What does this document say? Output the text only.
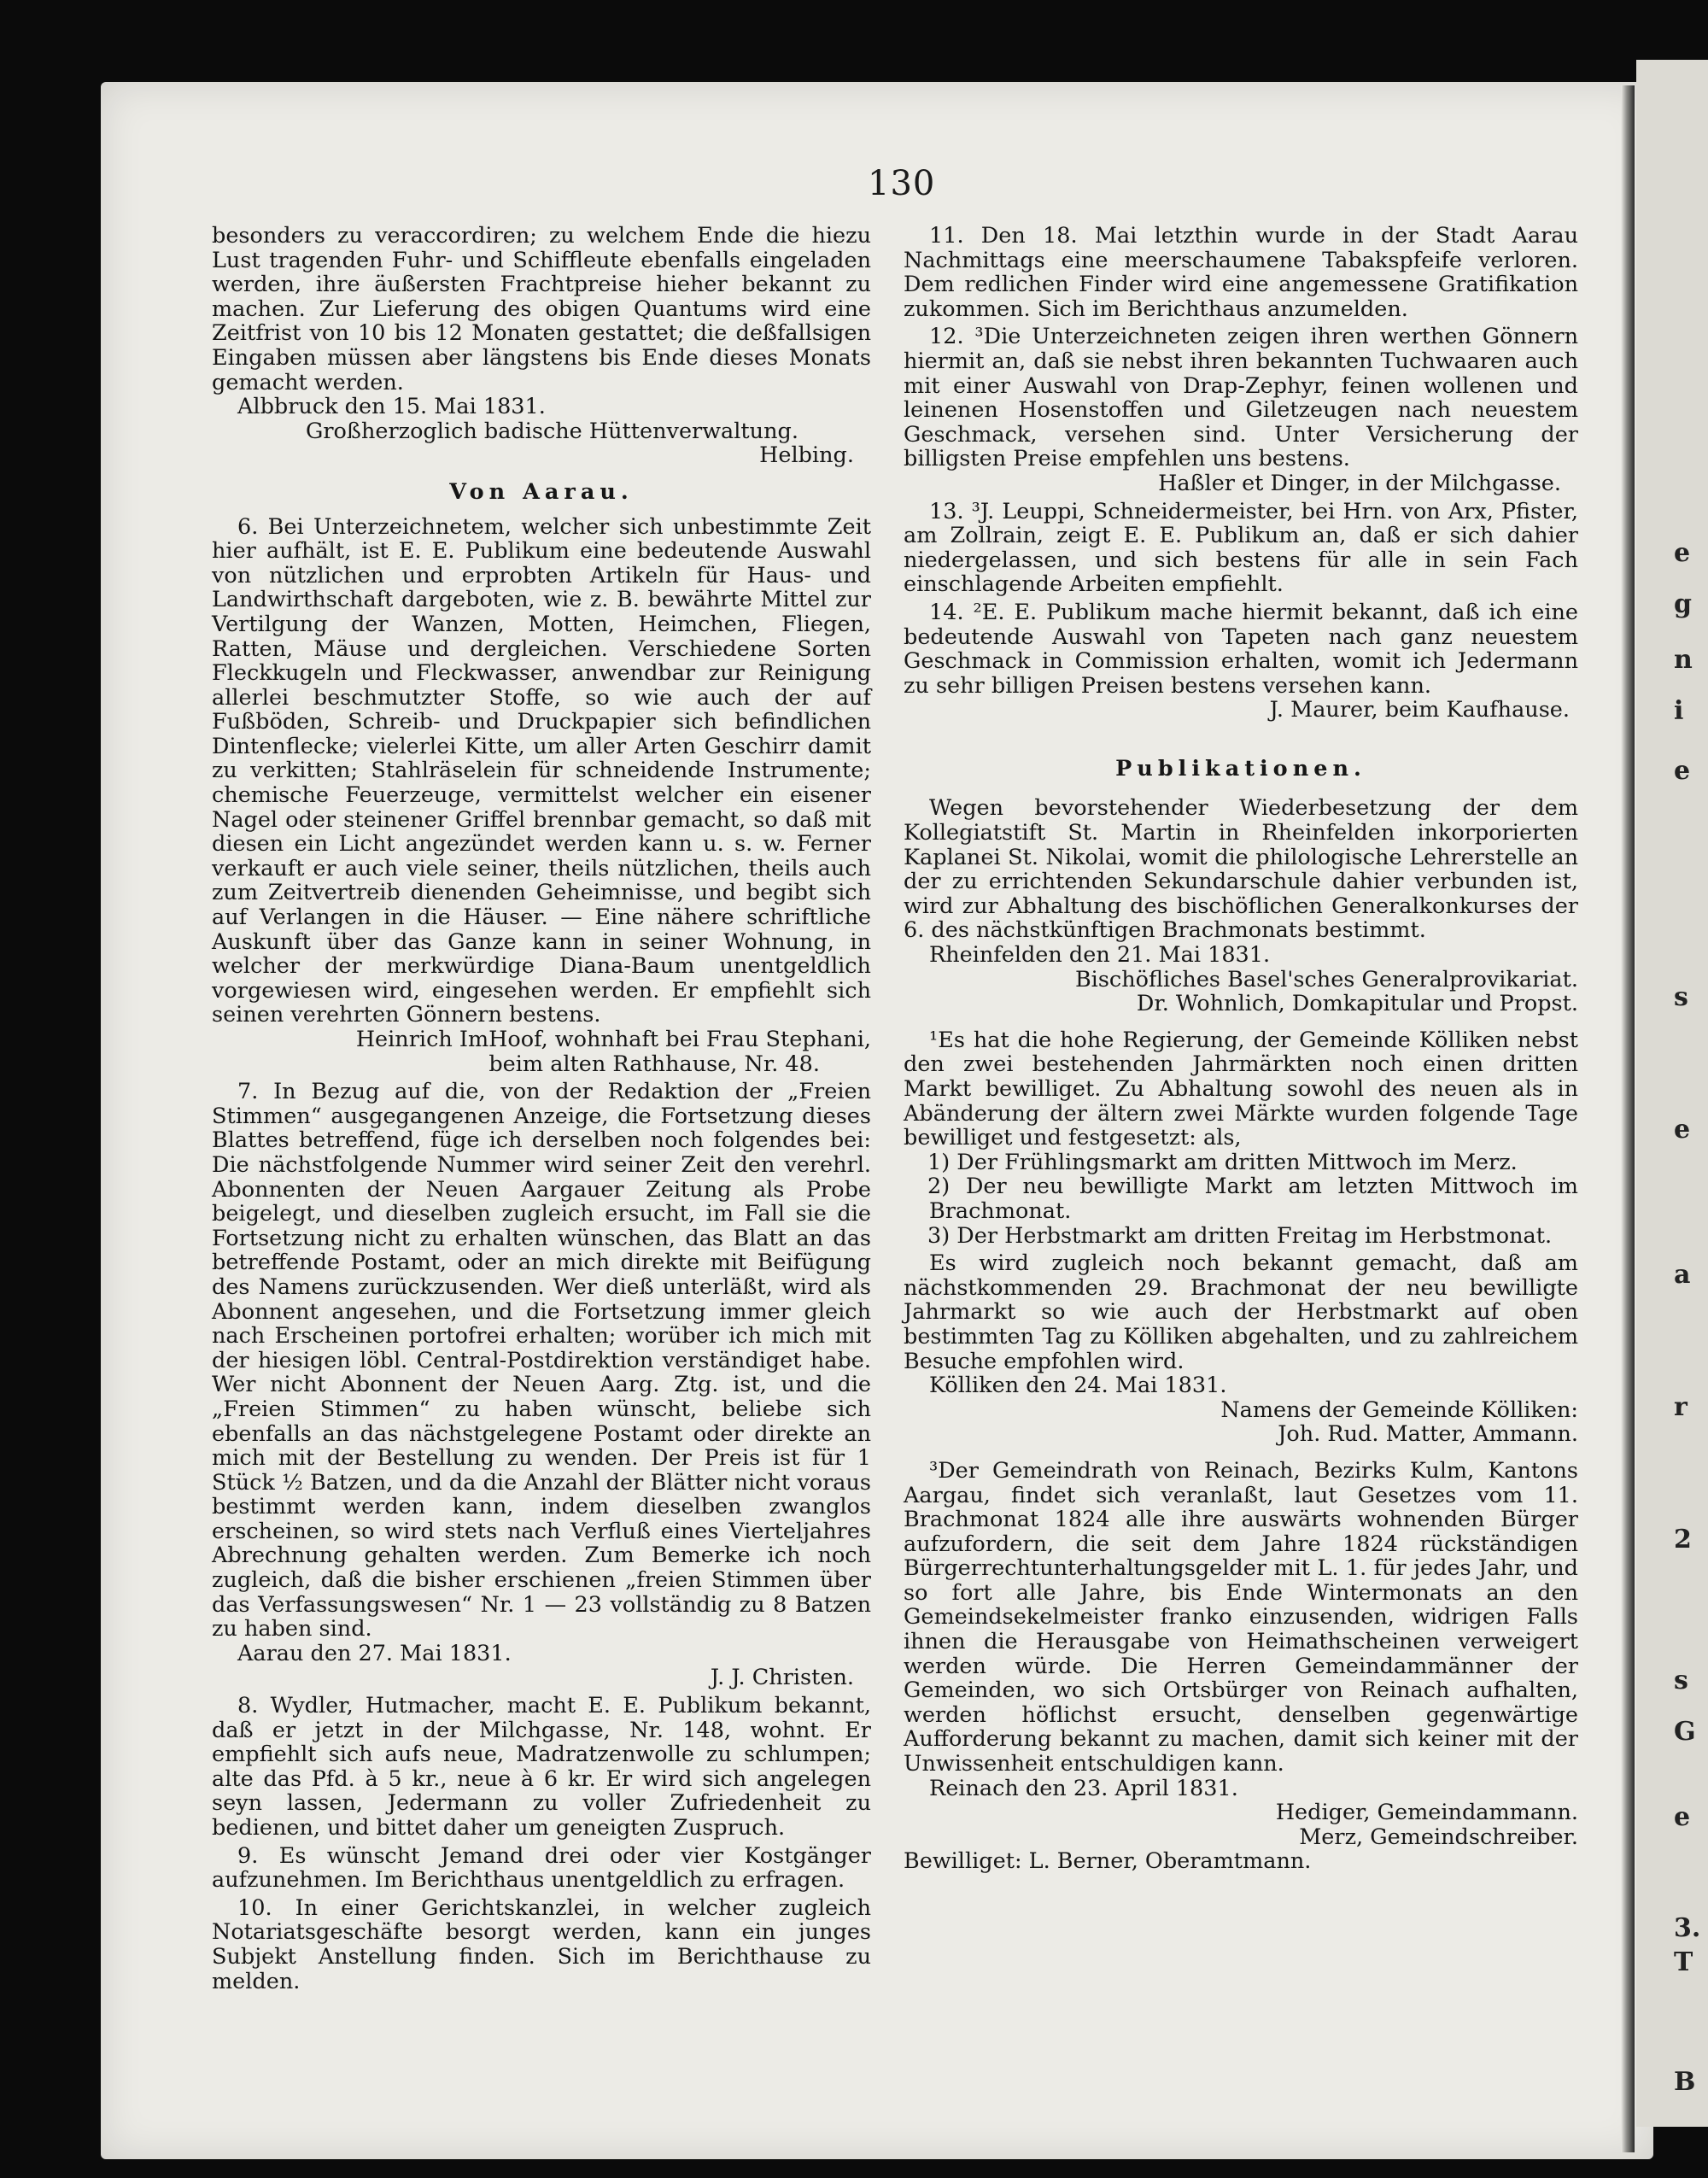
e
g
n
i
e
s
e
a
r
2
s
G
e
3.
T
B
130

besonders zu veraccordiren; zu welchem Ende die hiezu Lust tragenden Fuhr- und Schiffleute ebenfalls eingeladen werden, ihre äußersten Frachtpreise hieher bekannt zu machen. Zur Lieferung des obigen Quantums wird eine Zeitfrist von 10 bis 12 Monaten gestattet; die deßfallsigen Eingaben müssen aber längstens bis Ende dieses Monats gemacht werden.

Albbruck den 15. Mai 1831.

Großherzoglich badische Hüttenverwaltung.

Helbing.

Von Aarau.

6. Bei Unterzeichnetem, welcher sich unbestimmte Zeit hier aufhält, ist E. E. Publikum eine bedeutende Auswahl von nützlichen und erprobten Artikeln für Haus- und Landwirthschaft dargeboten, wie z. B. bewährte Mittel zur Vertilgung der Wanzen, Motten, Heimchen, Fliegen, Ratten, Mäuse und dergleichen. Verschiedene Sorten Fleckkugeln und Fleckwasser, anwendbar zur Reinigung allerlei beschmutzter Stoffe, so wie auch der auf Fußböden, Schreib- und Druckpapier sich befindlichen Dintenflecke; vielerlei Kitte, um aller Arten Geschirr damit zu verkitten; Stahlräselein für schneidende Instrumente; chemische Feuerzeuge, vermittelst welcher ein eisener Nagel oder steinener Griffel brennbar gemacht, so daß mit diesen ein Licht angezündet werden kann u. s. w. Ferner verkauft er auch viele seiner, theils nützlichen, theils auch zum Zeitvertreib dienenden Geheimnisse, und begibt sich auf Verlangen in die Häuser. — Eine nähere schriftliche Auskunft über das Ganze kann in seiner Wohnung, in welcher der merkwürdige Diana-Baum unentgeldlich vorgewiesen wird, eingesehen werden. Er empfiehlt sich seinen verehrten Gönnern bestens.

Heinrich ImHoof, wohnhaft bei Frau Stephani,

beim alten Rathhause, Nr. 48.

7. In Bezug auf die, von der Redaktion der „Freien Stimmen“ ausgegangenen Anzeige, die Fortsetzung dieses Blattes betreffend, füge ich derselben noch folgendes bei: Die nächstfolgende Nummer wird seiner Zeit den verehrl. Abonnenten der Neuen Aargauer Zeitung als Probe beigelegt, und dieselben zugleich ersucht, im Fall sie die Fortsetzung nicht zu erhalten wünschen, das Blatt an das betreffende Postamt, oder an mich direkte mit Beifügung des Namens zurückzusenden. Wer dieß unterläßt, wird als Abonnent angesehen, und die Fortsetzung immer gleich nach Erscheinen portofrei erhalten; worüber ich mich mit der hiesigen löbl. Central-Postdirektion verständiget habe. Wer nicht Abonnent der Neuen Aarg. Ztg. ist, und die „Freien Stimmen“ zu haben wünscht, beliebe sich ebenfalls an das nächstgelegene Postamt oder direkte an mich mit der Bestellung zu wenden. Der Preis ist für 1 Stück ½ Batzen, und da die Anzahl der Blätter nicht voraus bestimmt werden kann, indem dieselben zwanglos erscheinen, so wird stets nach Verfluß eines Vierteljahres Abrechnung gehalten werden. Zum Bemerke ich noch zugleich, daß die bisher erschienen „freien Stimmen über das Verfassungswesen“ Nr. 1 — 23 vollständig zu 8 Batzen zu haben sind.

Aarau den 27. Mai 1831.

J. J. Christen.

8. Wydler, Hutmacher, macht E. E. Publikum bekannt, daß er jetzt in der Milchgasse, Nr. 148, wohnt. Er empfiehlt sich aufs neue, Madratzenwolle zu schlumpen; alte das Pfd. à 5 kr., neue à 6 kr. Er wird sich angelegen seyn lassen, Jedermann zu voller Zufriedenheit zu bedienen, und bittet daher um geneigten Zuspruch.

9. Es wünscht Jemand drei oder vier Kostgänger aufzunehmen. Im Berichthaus unentgeldlich zu erfragen.

10. In einer Gerichtskanzlei, in welcher zugleich Notariatsgeschäfte besorgt werden, kann ein junges Subjekt Anstellung finden. Sich im Berichthause zu melden.

11. Den 18. Mai letzthin wurde in der Stadt Aarau Nachmittags eine meerschaumene Tabakspfeife verloren. Dem redlichen Finder wird eine angemessene Gratifikation zukommen. Sich im Berichthaus anzumelden.

12. ³Die Unterzeichneten zeigen ihren werthen Gönnern hiermit an, daß sie nebst ihren bekannten Tuchwaaren auch mit einer Auswahl von Drap-Zephyr, feinen wollenen und leinenen Hosenstoffen und Giletzeugen nach neuestem Geschmack, versehen sind. Unter Versicherung der billigsten Preise empfehlen uns bestens.

Haßler et Dinger, in der Milchgasse.

13. ³J. Leuppi, Schneidermeister, bei Hrn. von Arx, Pfister, am Zollrain, zeigt E. E. Publikum an, daß er sich dahier niedergelassen, und sich bestens für alle in sein Fach einschlagende Arbeiten empfiehlt.

14. ²E. E. Publikum mache hiermit bekannt, daß ich eine bedeutende Auswahl von Tapeten nach ganz neuestem Geschmack in Commission erhalten, womit ich Jedermann zu sehr billigen Preisen bestens versehen kann.

J. Maurer, beim Kaufhause.

Publikationen.

Wegen bevorstehender Wiederbesetzung der dem Kollegiatstift St. Martin in Rheinfelden inkorporierten Kaplanei St. Nikolai, womit die philologische Lehrerstelle an der zu errichtenden Sekundarschule dahier verbunden ist, wird zur Abhaltung des bischöflichen Generalkonkurses der 6. des nächstkünftigen Brachmonats bestimmt.

Rheinfelden den 21. Mai 1831.

Bischöfliches Basel'sches Generalprovikariat.

Dr. Wohnlich, Domkapitular und Propst.

¹Es hat die hohe Regierung, der Gemeinde Kölliken nebst den zwei bestehenden Jahrmärkten noch einen dritten Markt bewilliget. Zu Abhaltung sowohl des neuen als in Abänderung der ältern zwei Märkte wurden folgende Tage bewilliget und festgesetzt: als,

1) Der Frühlingsmarkt am dritten Mittwoch im Merz.

2) Der neu bewilligte Markt am letzten Mittwoch im Brachmonat.

3) Der Herbstmarkt am dritten Freitag im Herbstmonat.

Es wird zugleich noch bekannt gemacht, daß am nächstkommenden 29. Brachmonat der neu bewilligte Jahrmarkt so wie auch der Herbstmarkt auf oben bestimmten Tag zu Kölliken abgehalten, und zu zahlreichem Besuche empfohlen wird.

Kölliken den 24. Mai 1831.

Namens der Gemeinde Kölliken:

Joh. Rud. Matter, Ammann.

³Der Gemeindrath von Reinach, Bezirks Kulm, Kantons Aargau, findet sich veranlaßt, laut Gesetzes vom 11. Brachmonat 1824 alle ihre auswärts wohnenden Bürger aufzufordern, die seit dem Jahre 1824 rückständigen Bürgerrechtunterhaltungsgelder mit L. 1. für jedes Jahr, und so fort alle Jahre, bis Ende Wintermonats an den Gemeindsekelmeister franko einzusenden, widrigen Falls ihnen die Herausgabe von Heimathscheinen verweigert werden würde. Die Herren Gemeindammänner der Gemeinden, wo sich Ortsbürger von Reinach aufhalten, werden höflichst ersucht, denselben gegenwärtige Aufforderung bekannt zu machen, damit sich keiner mit der Unwissenheit entschuldigen kann.

Reinach den 23. April 1831.

Hediger, Gemeindammann.

Merz, Gemeindschreiber.

Bewilliget: L. Berner, Oberamtmann.
